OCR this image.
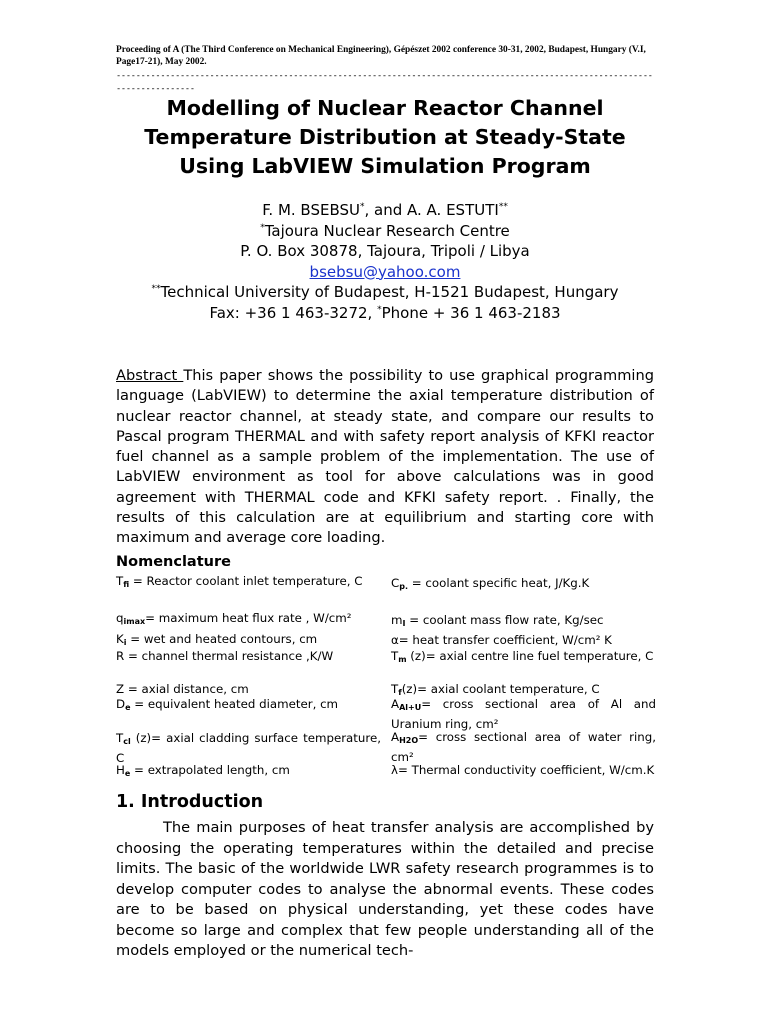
Proceeding of A (The Third Conference on Mechanical Engineering), Gépészet 2002 conference 30-31, 2002, Budapest, Hungary (V.I, Page17-21), May 2002.
-----------------------------------------------------------------------------------------------------------------------------
Modelling of Nuclear Reactor Channel Temperature Distribution at Steady-State Using LabVIEW Simulation Program
F. M. BSEBSU*, and A. A. ESTUTI**
*Tajoura Nuclear Research Centre
P. O. Box 30878, Tajoura, Tripoli / Libya
bsebsu@yahoo.com
**Technical University of Budapest, H-1521 Budapest, Hungary
Fax: +36 1 463-3272, *Phone + 36 1 463-2183
Abstract This paper shows the possibility to use graphical programming language (LabVIEW) to determine the axial temperature distribution of nuclear reactor channel, at steady state, and compare our results to Pascal program THERMAL and with safety report analysis of KFKI reactor fuel channel as a sample problem of the implementation. The use of LabVIEW environment as tool for above calculations was in good agreement with THERMAL code and KFKI safety report. . Finally, the results of this calculation are at equilibrium and starting core with maximum and average core loading.
Nomenclature
$T_{fi}$ = Reactor coolant inlet temperature, C
$q_{imax}=$ maximum heat flux rate , W/cm²
$K_i$ = wet and heated contours, cm
R = channel thermal resistance ,K/W
Z = axial distance, cm
$D_e$ = equivalent heated diameter, cm
$T_{cl}$ (z)= axial cladding surface temperature, C
$H_e$ = extrapolated length, cm
$C_{p.}$ = coolant specific heat, J/Kg.K
$m_I$ = coolant mass flow rate, Kg/sec
α= heat transfer coefficient, W/cm² K
$T_m$ (z)= axial centre line fuel temperature, C
$T_f(z)=$ axial coolant temperature, C
$A_{Al+U}=$ cross sectional area of Al and Uranium ring, cm²
$A_{H2O}=$ cross sectional area of water ring, cm²
λ= Thermal conductivity coefficient, W/cm.K
1. Introduction
The main purposes of heat transfer analysis are accomplished by choosing the operating temperatures within the detailed and precise limits. The basic of the worldwide LWR safety research programmes is to develop computer codes to analyse the abnormal events. These codes are to be based on physical understanding, yet these codes have become so large and complex that few people understanding all of the models employed or the numerical tech-
